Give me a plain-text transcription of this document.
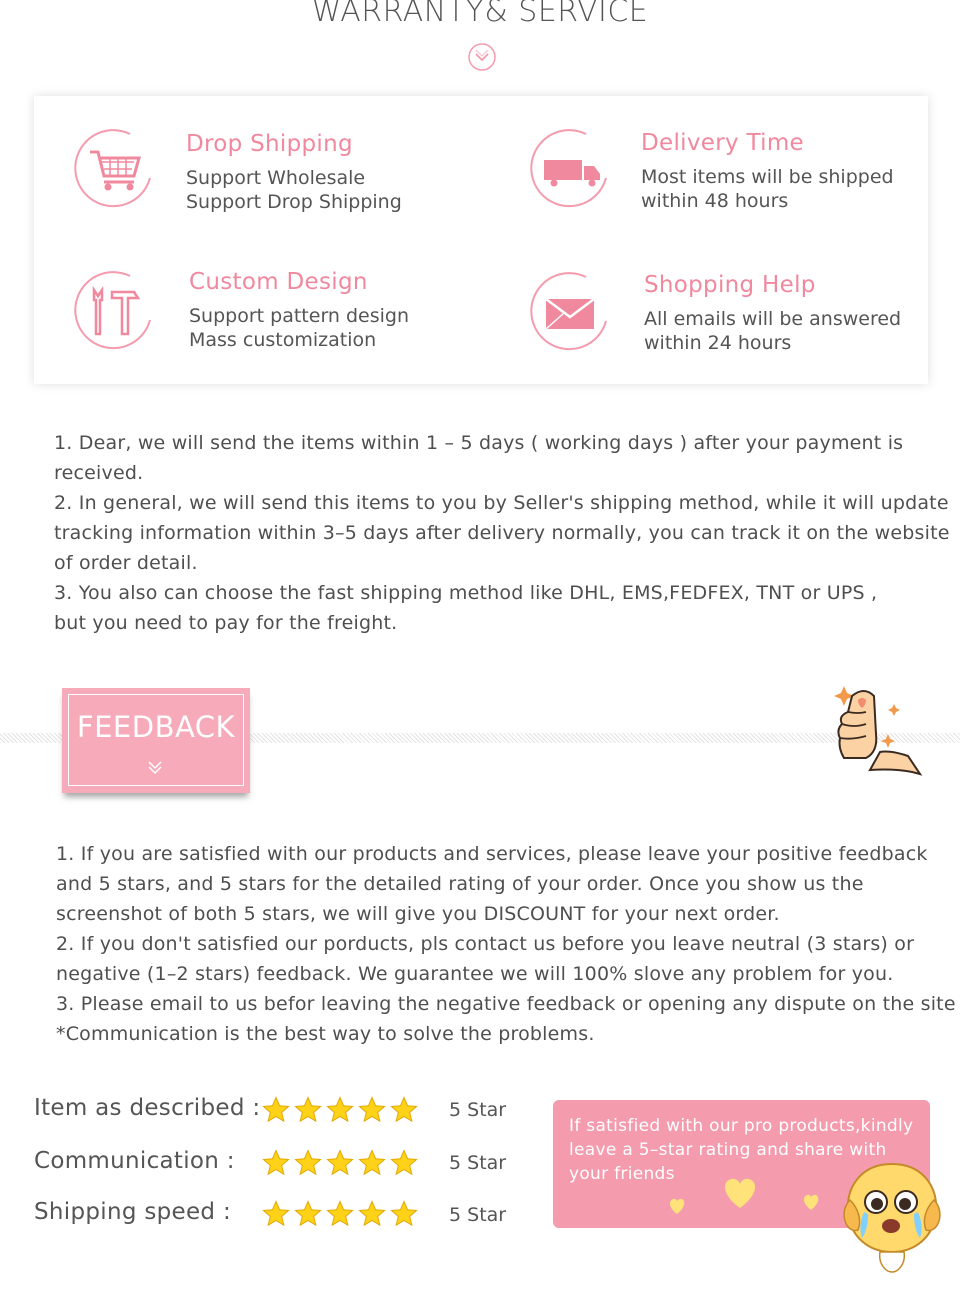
WARRANTY& SERVICE
Drop Shipping
Support Wholesale
Support Drop Shipping
Delivery Time
Most items will be shipped
within 48 hours
Custom Design
Support pattern design
Mass customization
Shopping Help
All emails will be answered
within 24 hours
1. Dear, we will send the items within 1 – 5 days ( working days ) after your payment is
received.
2. In general, we will send this items to you by Seller's shipping method, while it will update
tracking information within 3–5 days after delivery normally, you can track it on the website
of order detail.
3. You also can choose the fast shipping method like DHL, EMS,FEDFEX, TNT or UPS ,
but you need to pay for the freight.
FEEDBACK
1. If you are satisfied with our products and services, please leave your positive feedback
and 5 stars, and 5 stars for the detailed rating of your order. Once you show us the
screenshot of both 5 stars, we will give you DISCOUNT for your next order.
2. If you don't satisfied our porducts, pls contact us before you leave neutral (3 stars) or
negative (1–2 stars) feedback. We guarantee we will 100% slove any problem for you.
3. Please email to us befor leaving the negative feedback or opening any dispute on the site
*Communication is the best way to solve the problems.
Item as described :	5 Star
Communication :	5 Star
Shipping speed :	5 Star
If satisfied with our pro products,kindly
leave a 5–star rating and share with
your friends
